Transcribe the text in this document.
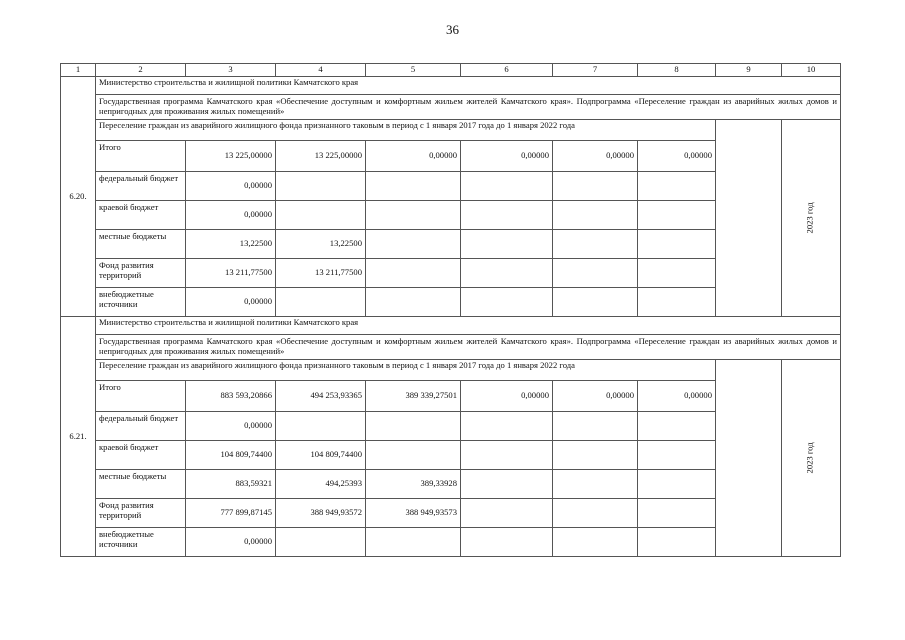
36
1	2	3	4	5	6	7	8	9	10
6.20.	Министерство строительства и жилищной политики Камчатского края								
	Государственная программа Камчатского края «Обеспечение доступным и комфортным жильем жителей Камчатского края». Подпрограмма «Переселение граждан из аварийных жилых домов и непригодных для проживания жилых помещений»								
	Переселение граждан из аварийного жилищного фонда признанного таковым в период с 1 января 2017 года до 1 января 2022 года								2023 год
	Итого	13 225,00000	13 225,00000	0,00000	0,00000	0,00000	0,00000		
	федеральный бюджет	0,00000							
	краевой бюджет	0,00000							
	местные бюджеты	13,22500	13,22500						
	Фонд развития территорий	13 211,77500	13 211,77500						
	внебюджетные источники	0,00000							
6.21.	Министерство строительства и жилищной политики Камчатского края								
	Государственная программа Камчатского края «Обеспечение доступным и комфортным жильем жителей Камчатского края». Подпрограмма «Переселение граждан из аварийных жилых домов и непригодных для проживания жилых помещений»								
	Переселение граждан из аварийного жилищного фонда признанного таковым в период с 1 января 2017 года до 1 января 2022 года								2023 год
	Итого	883 593,20866	494 253,93365	389 339,27501	0,00000	0,00000	0,00000		
	федеральный бюджет	0,00000							
	краевой бюджет	104 809,74400	104 809,74400						
	местные бюджеты	883,59321	494,25393	389,33928					
	Фонд развития территорий	777 899,87145	388 949,93572	388 949,93573					
	внебюджетные источники	0,00000							
